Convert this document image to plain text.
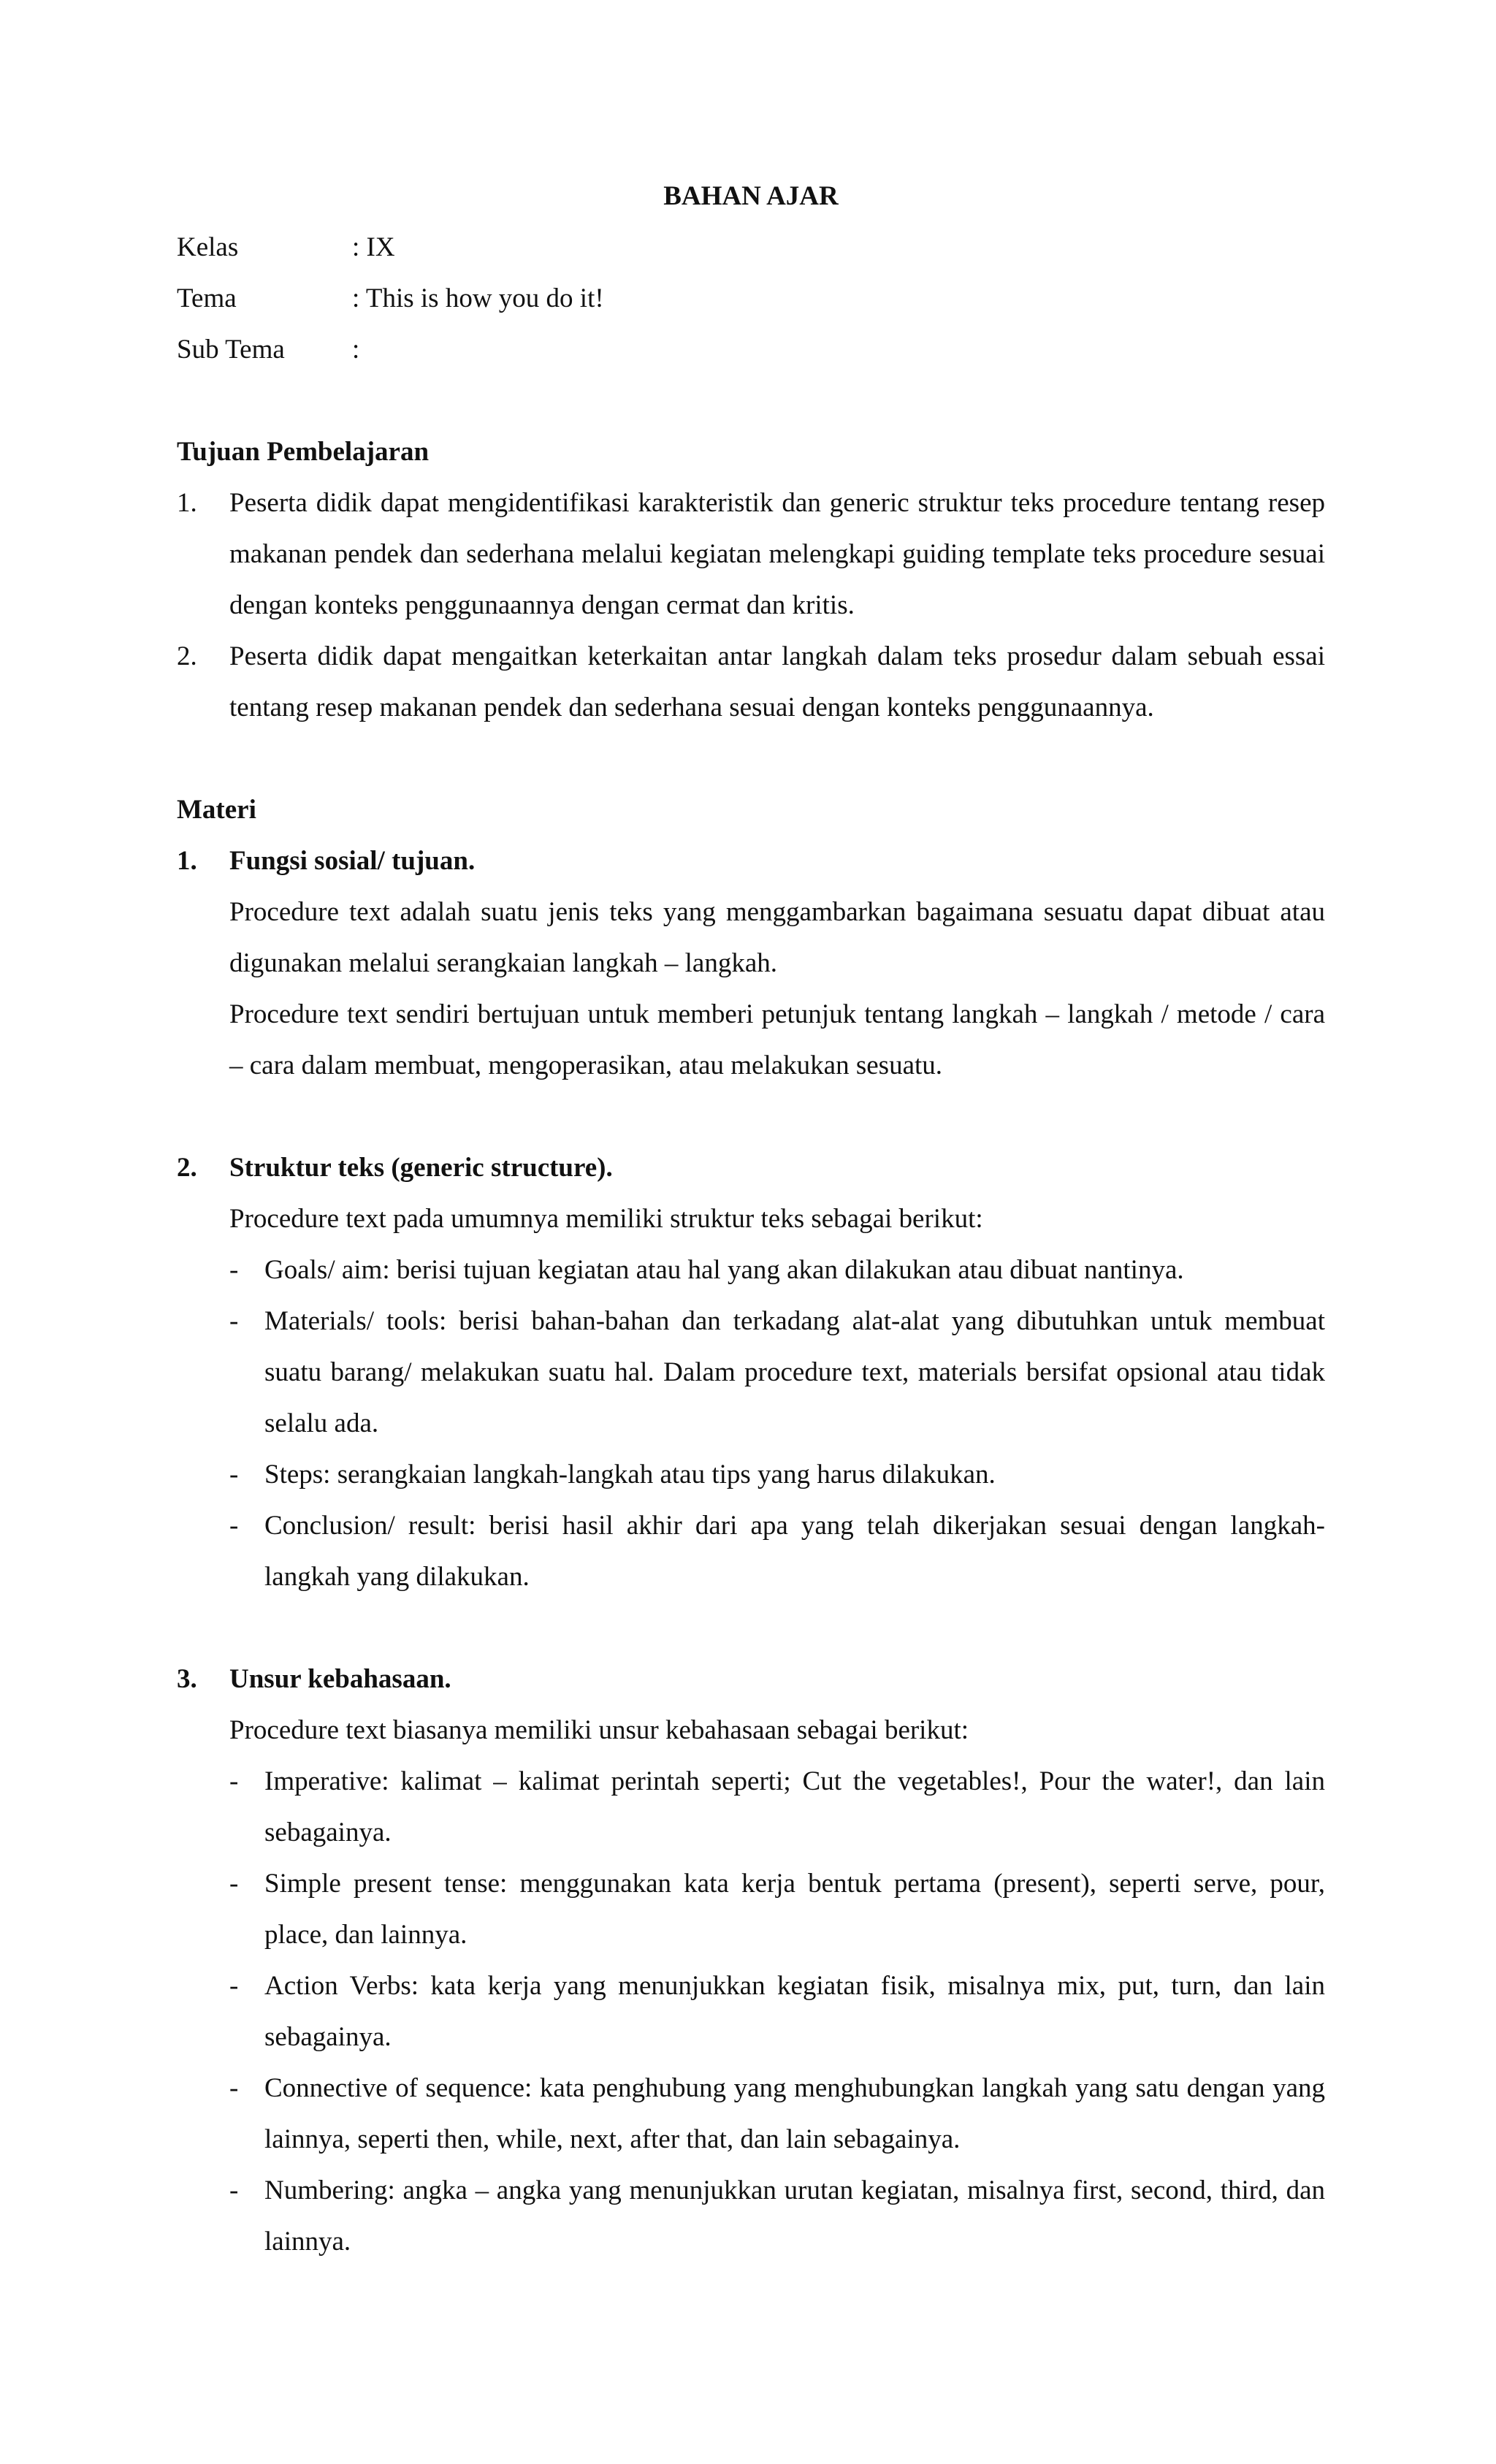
BAHAN AJAR
Kelas	: IX
Tema	: This is how you do it!
Sub Tema	:
Tujuan Pembelajaran
1.	Peserta didik dapat mengidentifikasi karakteristik dan generic struktur teks procedure tentang resep makanan pendek dan sederhana melalui kegiatan melengkapi guiding template teks procedure sesuai dengan konteks penggunaannya dengan cermat dan kritis.
2.	Peserta didik dapat mengaitkan keterkaitan antar langkah dalam teks prosedur dalam sebuah essai tentang resep makanan pendek dan sederhana sesuai dengan konteks penggunaannya.
Materi
1.	Fungsi sosial/ tujuan.

Procedure text adalah suatu jenis teks yang menggambarkan bagaimana sesuatu dapat dibuat atau digunakan melalui serangkaian langkah – langkah.

Procedure text sendiri bertujuan untuk memberi petunjuk tentang langkah – langkah / metode / cara – cara dalam membuat, mengoperasikan, atau melakukan sesuatu.

2.	Struktur teks (generic structure).

Procedure text pada umumnya memiliki struktur teks sebagai berikut:

- Goals/ aim: berisi tujuan kegiatan atau hal yang akan dilakukan atau dibuat nantinya.
- Materials/ tools: berisi bahan-bahan dan terkadang alat-alat yang dibutuhkan untuk membuat suatu barang/ melakukan suatu hal. Dalam procedure text, materials bersifat opsional atau tidak selalu ada.
- Steps: serangkaian langkah-langkah atau tips yang harus dilakukan.
- Conclusion/ result: berisi hasil akhir dari apa yang telah dikerjakan sesuai dengan langkah- langkah yang dilakukan.
3.	Unsur kebahasaan.

Procedure text biasanya memiliki unsur kebahasaan sebagai berikut:

- Imperative: kalimat – kalimat perintah seperti; Cut the vegetables!, Pour the water!, dan lain sebagainya.
- Simple present tense: menggunakan kata kerja bentuk pertama (present), seperti serve, pour, place, dan lainnya.
- Action Verbs: kata kerja yang menunjukkan kegiatan fisik, misalnya mix, put, turn, dan lain sebagainya.
- Connective of sequence: kata penghubung yang menghubungkan langkah yang satu dengan yang lainnya, seperti then, while, next, after that, dan lain sebagainya.
- Numbering: angka – angka yang menunjukkan urutan kegiatan, misalnya first, second, third, dan lainnya.
